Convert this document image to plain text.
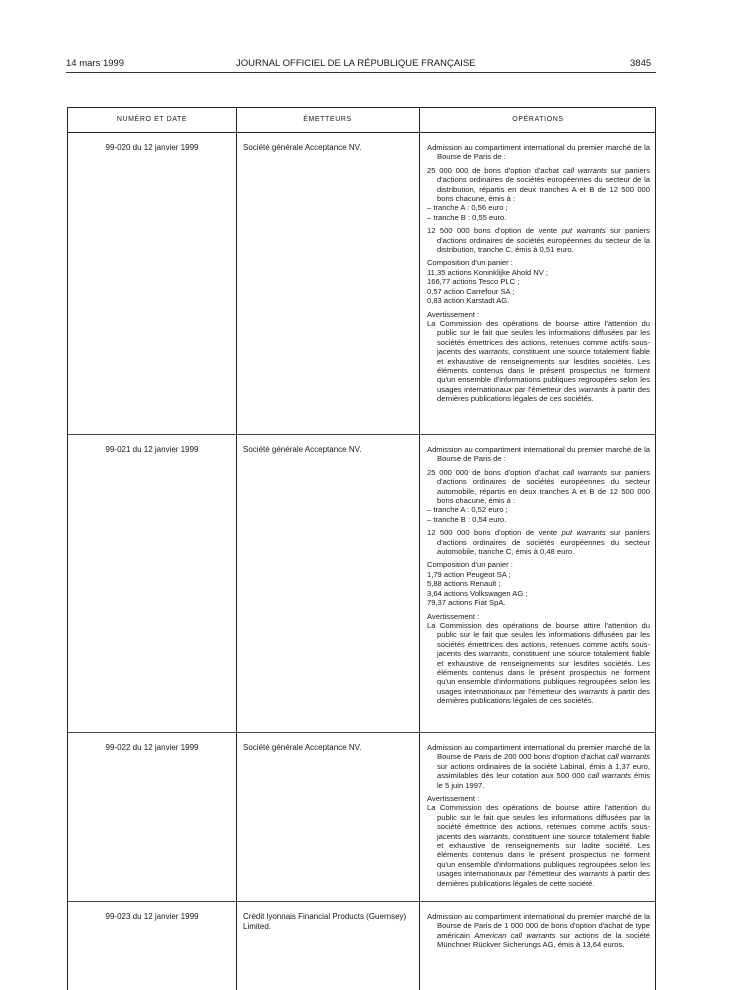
14 mars 1999	JOURNAL OFFICIEL DE LA RÉPUBLIQUE FRANÇAISE	3845
NUMÉRO ET DATE	ÉMETTEURS	OPÉRATIONS
99-020 du 12 janvier 1999	Société générale Acceptance NV.	Admission au compartiment international du premier marché de la Bourse de Paris de :

25 000 000 de bons d'option d'achat call warrants sur paniers d'actions ordinaires de sociétés européennes du secteur de la distribution, répartis en deux tranches A et B de 12 500 000 bons chacune, émis à :

– tranche A : 0,56 euro ;

– tranche B : 0,55 euro.

12 500 000 bons d'option de vente put warrants sur paniers d'actions ordinaires de sociétés européennes du secteur de la distribution, tranche C, émis à 0,51 euro.

Composition d'un panier :

11,35 actions Koninklijke Ahold NV ;

166,77 actions Tesco PLC ;

0,57 action Carrefour SA ;

0,83 action Karstadt AG.

Avertissement :

La Commission des opérations de bourse attire l'attention du public sur le fait que seules les informations diffusées par les sociétés émettrices des actions, retenues comme actifs sous-jacents des warrants, constituent une source totalement fiable et exhaustive de renseignements sur lesdites sociétés. Les éléments contenus dans le présent prospectus ne forment qu'un ensemble d'informations publiques regroupées selon les usages internationaux par l'émetteur des warrants à partir des dernières publications légales de ces sociétés.

99-021 du 12 janvier 1999	Société générale Acceptance NV.	Admission au compartiment international du premier marché de la Bourse de Paris de :

25 000 000 de bons d'option d'achat call warrants sur paniers d'actions ordinaires de sociétés européennes du secteur automobile, répartis en deux tranches A et B de 12 500 000 bons chacune, émis à :

– tranche A : 0,52 euro ;

– tranche B : 0,54 euro.

12 500 000 bons d'option de vente put warrants sur paniers d'actions ordinaires de sociétés européennes du secteur automobile, tranche C, émis à 0,48 euro.

Composition d'un panier :

1,79 action Peugeot SA ;

5,88 actions Renault ;

3,64 actions Volkswagen AG ;

79,37 actions Fiat SpA.

Avertissement :

La Commission des opérations de bourse attire l'attention du public sur le fait que seules les informations diffusées par les sociétés émettrices des actions, retenues comme actifs sous-jacents des warrants, constituent une source totalement fiable et exhaustive de renseignements sur lesdites sociétés. Les éléments contenus dans le présent prospectus ne forment qu'un ensemble d'informations publiques regroupées selon les usages internationaux par l'émetteur des warrants à partir des dernières publications légales de ces sociétés.

99-022 du 12 janvier 1999	Société générale Acceptance NV.	Admission au compartiment international du premier marché de la Bourse de Paris de 200 000 bons d'option d'achat call warrants sur actions ordinaires de la société Labinal, émis à 1,37 euro, assimilables dès leur cotation aux 500 000 call warrants émis le 5 juin 1997.

Avertissement :

La Commission des opérations de bourse attire l'attention du public sur le fait que seules les informations diffusées par la société émettrice des actions, retenues comme actifs sous-jacents des warrants, constituent une source totalement fiable et exhaustive de renseignements sur ladite société. Les éléments contenus dans le présent prospectus ne forment qu'un ensemble d'informations publiques regroupées selon les usages internationaux par l'émetteur des warrants à partir des dernières publications légales de cette société.

99-023 du 12 janvier 1999	Crédit lyonnais Financial Products (Guernsey) Limited.

Admission au compartiment international du premier marché de la Bourse de Paris de 1 000 000 de bons d'option d'achat de type américain American call warrants sur actions de la société Münchner Rückver Sicherungs AG, émis à 13,64 euros.
